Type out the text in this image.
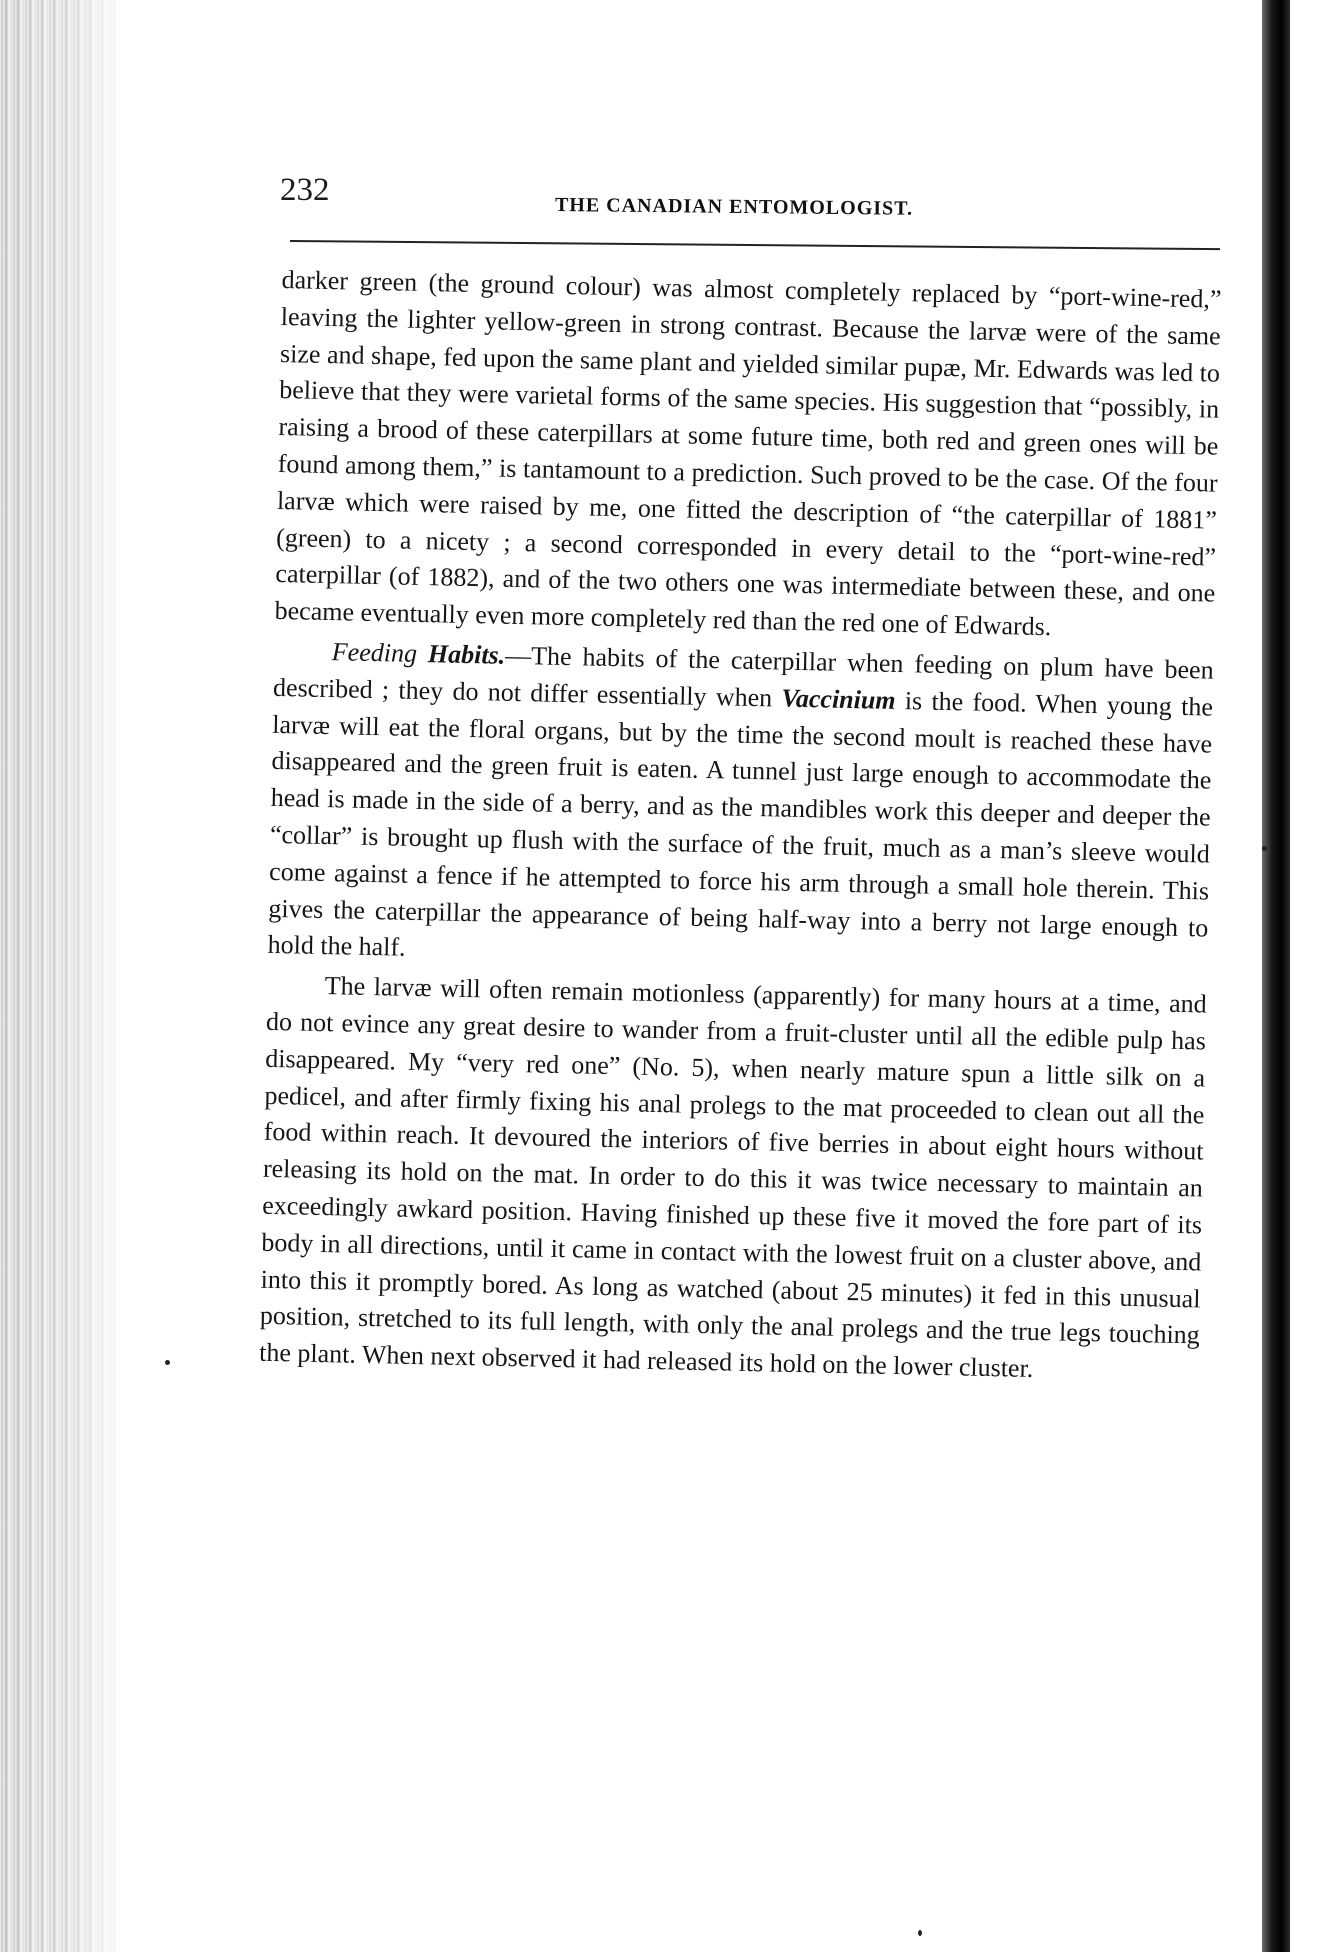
232	THE CANADIAN ENTOMOLOGIST.

darker green (the ground colour) was almost completely replaced by “port-wine-red,” leaving the lighter yellow-green in strong contrast. Because the larvæ were of the same size and shape, fed upon the same plant and yielded similar pupæ, Mr. Edwards was led to believe that they were varietal forms of the same species. His suggestion that “possibly, in raising a brood of these caterpillars at some future time, both red and green ones will be found among them,” is tantamount to a prediction. Such proved to be the case. Of the four larvæ which were raised by me, one fitted the description of “the caterpillar of 1881” (green) to a nicety ; a second corresponded in every detail to the “port-wine-red” caterpillar (of 1882), and of the two others one was intermediate between these, and one became eventually even more completely red than the red one of Edwards.

Feeding Habits.—The habits of the caterpillar when feeding on plum have been described ; they do not differ essentially when Vaccinium is the food. When young the larvæ will eat the floral organs, but by the time the second moult is reached these have disappeared and the green fruit is eaten. A tunnel just large enough to accommodate the head is made in the side of a berry, and as the mandibles work this deeper and deeper the “collar” is brought up flush with the surface of the fruit, much as a man’s sleeve would come against a fence if he attempted to force his arm through a small hole therein. This gives the caterpillar the appearance of being half-way into a berry not large enough to hold the half.

The larvæ will often remain motionless (apparently) for many hours at a time, and do not evince any great desire to wander from a fruit-cluster until all the edible pulp has disappeared. My “very red one” (No. 5), when nearly mature spun a little silk on a pedicel, and after firmly fixing his anal prolegs to the mat proceeded to clean out all the food within reach. It devoured the interiors of five berries in about eight hours without releasing its hold on the mat. In order to do this it was twice necessary to maintain an exceedingly awkard position. Having finished up these five it moved the fore part of its body in all directions, until it came in contact with the lowest fruit on a cluster above, and into this it promptly bored. As long as watched (about 25 minutes) it fed in this unusual position, stretched to its full length, with only the anal prolegs and the true legs touching the plant. When next observed it had released its hold on the lower cluster.
